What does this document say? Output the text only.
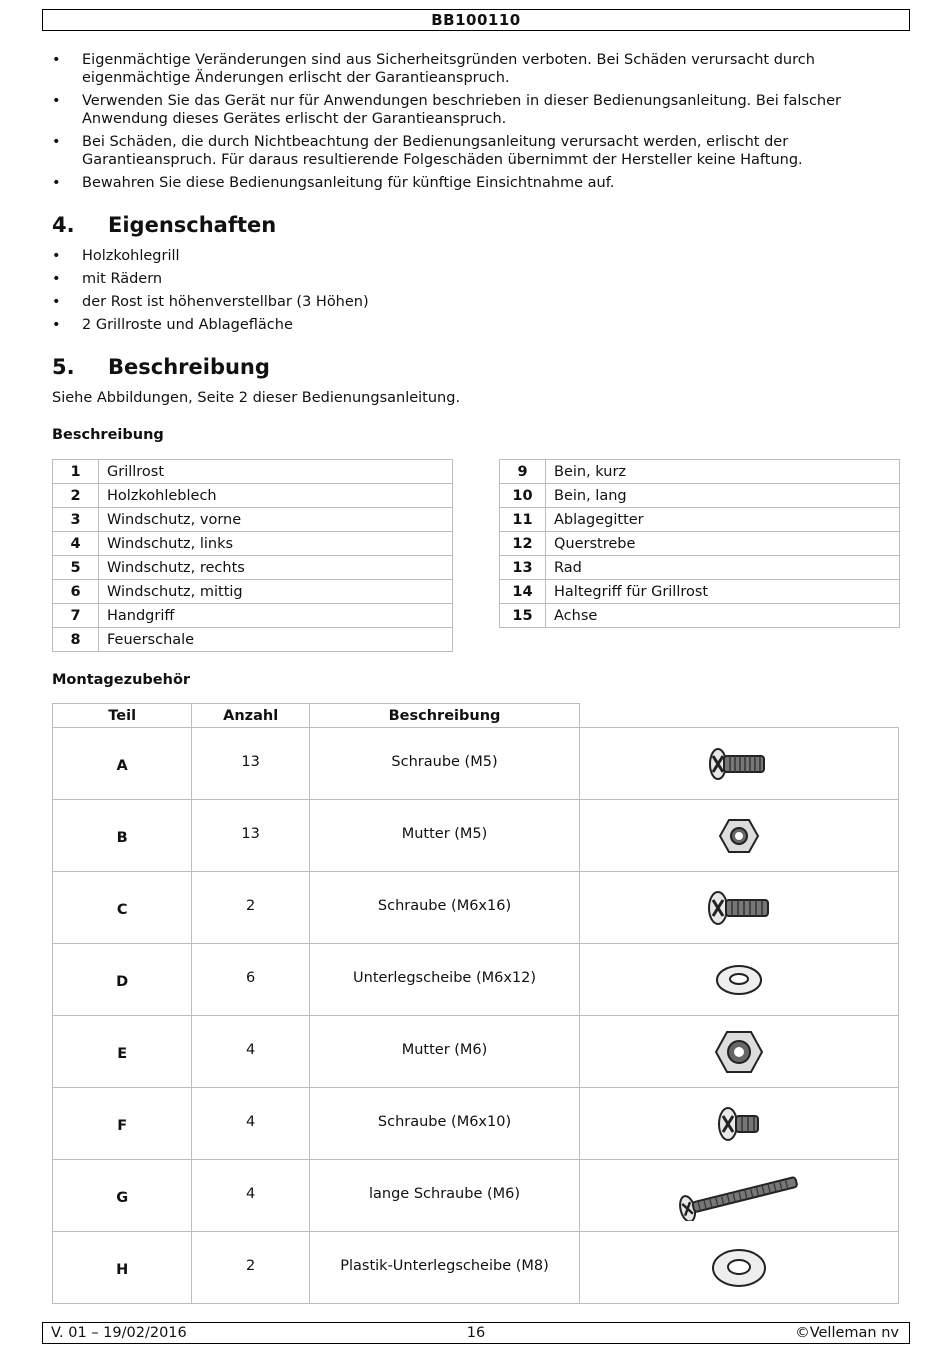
BB100110
• Eigenmächtige Veränderungen sind aus Sicherheitsgründen verboten. Bei Schäden verursacht durch eigenmächtige Änderungen erlischt der Garantieanspruch.
• Verwenden Sie das Gerät nur für Anwendungen beschrieben in dieser Bedienungsanleitung. Bei falscher Anwendung dieses Gerätes erlischt der Garantieanspruch.
• Bei Schäden, die durch Nichtbeachtung der Bedienungsanleitung verursacht werden, erlischt der Garantieanspruch. Für daraus resultierende Folgeschäden übernimmt der Hersteller keine Haftung.
• Bewahren Sie diese Bedienungsanleitung für künftige Einsichtnahme auf.
4. Eigenschaften
• Holzkohlegrill
• mit Rädern
• der Rost ist höhenverstellbar (3 Höhen)
• 2 Grillroste und Ablagefläche
5. Beschreibung
Siehe Abbildungen, Seite 2 dieser Bedienungsanleitung.
Beschreibung
1	Grillrost
2	Holzkohleblech
3	Windschutz, vorne
4	Windschutz, links
5	Windschutz, rechts
6	Windschutz, mittig
7	Handgriff
8	Feuerschale
9	Bein, kurz
10	Bein, lang
11	Ablagegitter
12	Querstrebe
13	Rad
14	Haltegriff für Grillrost
15	Achse
Montagezubehör
Teil	Anzahl	Beschreibung	
A	13	Schraube (M5)	

B	13	Mutter (M5)	

C	2	Schraube (M6x16)	

D	6	Unterlegscheibe (M6x12)	

E	4	Mutter (M6)	

F	4	Schraube (M6x10)	

G	4	lange Schraube (M6)	

H	2	Plastik-Unterlegscheibe (M8)	
V. 01 – 19/02/2016	16	©Velleman nv
